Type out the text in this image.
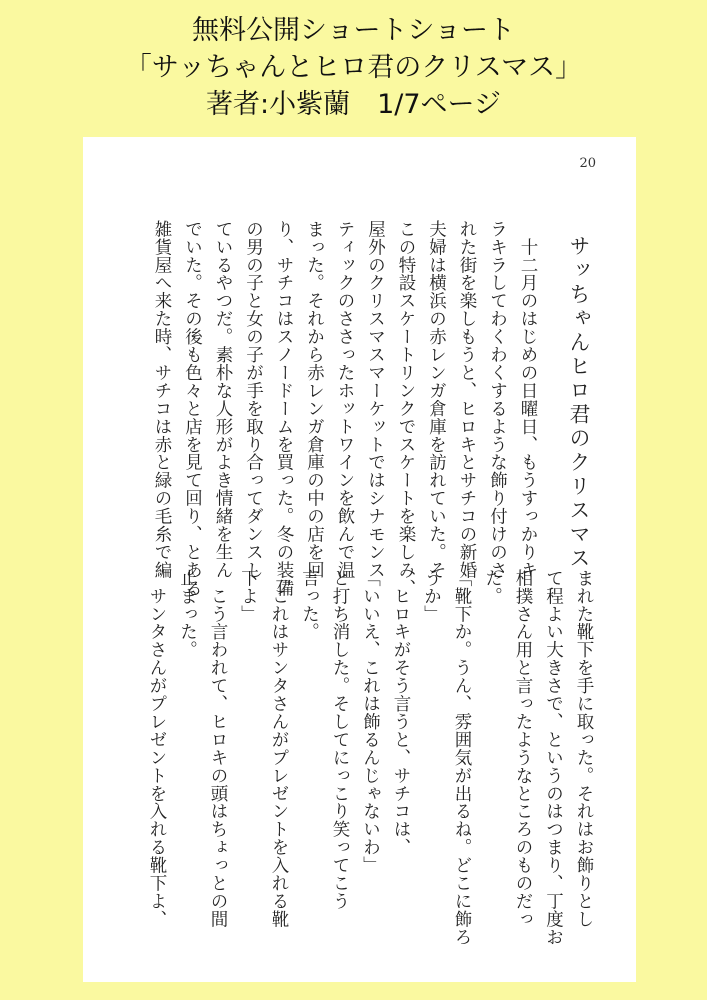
無料公開ショートショート
「サッちゃんとヒロ君のクリスマス」
著者:小紫蘭　1/7ページ
20
サッちゃんヒロ君のクリスマス
　十二月のはじめの日曜日、もうすっかりキ
ラキラしてわくわくするような飾り付けのさ
れた街を楽しもうと、ヒロキとサチコの新婚
夫婦は横浜の赤レンガ倉庫を訪れていた。そ
この特設スケートリンクでスケートを楽しみ、
屋外のクリスマスマーケットではシナモンス
ティックのささったホットワインを飲んで温
まった。それから赤レンガ倉庫の中の店を回
り、サチコはスノードームを買った。冬の装備
の男の子と女の子が手を取り合ってダンスし
ているやつだ。素朴な人形がよき情緒を生ん
でいた。その後も色々と店を見て回り、とある
雑貨屋へ来た時、サチコは赤と緑の毛糸で編
まれた靴下を手に取った。それはお飾りとし
て程よい大きさで、というのはつまり、丁度お
相撲さん用と言ったようなところのものだっ
た。
「靴下か。うん、雰囲気が出るね。どこに飾ろ
うか」
　ヒロキがそう言うと、サチコは、
「いいえ、これは飾るんじゃないわ」
と打ち消した。そしてにっこり笑ってこう
言った。
「これはサンタさんがプレゼントを入れる靴
下よ」
　こう言われて、ヒロキの頭はちょっとの間
止まった。
　サンタさんがプレゼントを入れる靴下よ、
